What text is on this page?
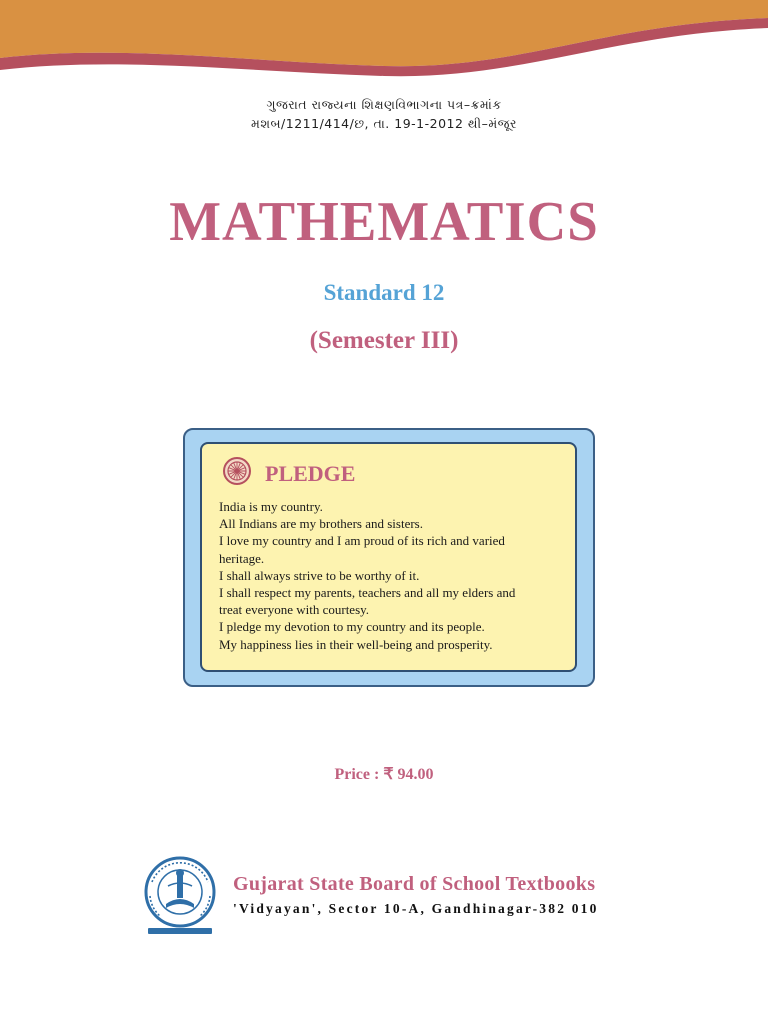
ગુજરાત રાજ્યના શિક્ષણવિભાગના પત્ર–ક્રમાંક
મશબ/1211/414/છ, તા. 19-1-2012 થી–મંજૂર
MATHEMATICS
Standard 12
(Semester III)
PLEDGE
India is my country.
All Indians are my brothers and sisters.
I love my country and I am proud of its rich and varied
heritage.
I shall always strive to be worthy of it.
I shall respect my parents, teachers and all my elders and
treat everyone with courtesy.
I pledge my devotion to my country and its people.
My happiness lies in their well-being and prosperity.
Price : ₹ 94.00
Gujarat State Board of School Textbooks
'Vidyayan', Sector 10-A, Gandhinagar-382 010
